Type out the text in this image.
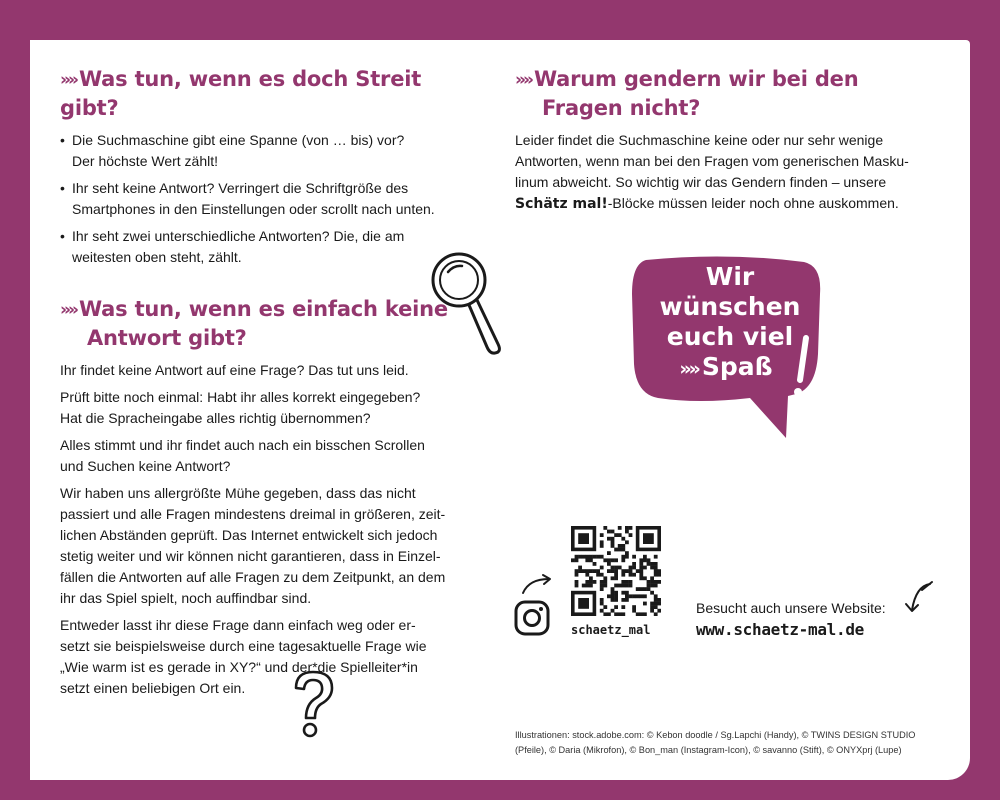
»» Was tun, wenn es doch Streit gibt?
• Die Suchmaschine gibt eine Spanne (von … bis) vor?
Der höchste Wert zählt!
• Ihr seht keine Antwort? Verringert die Schriftgröße des
Smartphones in den Einstellungen oder scrollt nach unten.
• Ihr seht zwei unterschiedliche Antworten? Die, die am
weitesten oben steht, zählt.
»» Was tun, wenn es einfach keine
Antwort gibt?

Ihr findet keine Antwort auf eine Frage? Das tut uns leid.

Prüft bitte noch einmal: Habt ihr alles korrekt eingegeben?
Hat die Spracheingabe alles richtig übernommen?

Alles stimmt und ihr findet auch nach ein bisschen Scrollen
und Suchen keine Antwort?

Wir haben uns allergrößte Mühe gegeben, dass das nicht
passiert und alle Fragen mindestens dreimal in größeren, zeit-
lichen Abständen geprüft. Das Internet entwickelt sich jedoch
stetig weiter und wir können nicht garantieren, dass in Einzel-
fällen die Antworten auf alle Fragen zu dem Zeitpunkt, an dem
ihr das Spiel spielt, noch auffindbar sind.

Entweder lasst ihr diese Frage dann einfach weg oder er-
setzt sie beispielsweise durch eine tagesaktuelle Frage wie
„Wie warm ist es gerade in XY?“ und der*die Spielleiter*in
setzt einen beliebigen Ort ein.

»» Warum gendern wir bei den
Fragen nicht?

Leider findet die Suchmaschine keine oder nur sehr wenige
Antworten, wenn man bei den Fragen vom generischen Masku-
linum abweicht. So wichtig wir das Gendern finden – unsere
Schätz mal!-Blöcke müssen leider noch ohne auskommen.

Wir
wünschen
euch viel
»» Spaß
schaetz_mal
Besucht auch unsere Website:
www.schaetz-mal.de
Illustrationen: stock.adobe.com: © Kebon doodle / Sg.Lapchi (Handy), © TWINS DESIGN STUDIO
(Pfeile), © Daria (Mikrofon), © Bon_man (Instagram-Icon), © savanno (Stift), © ONYXprj (Lupe)
